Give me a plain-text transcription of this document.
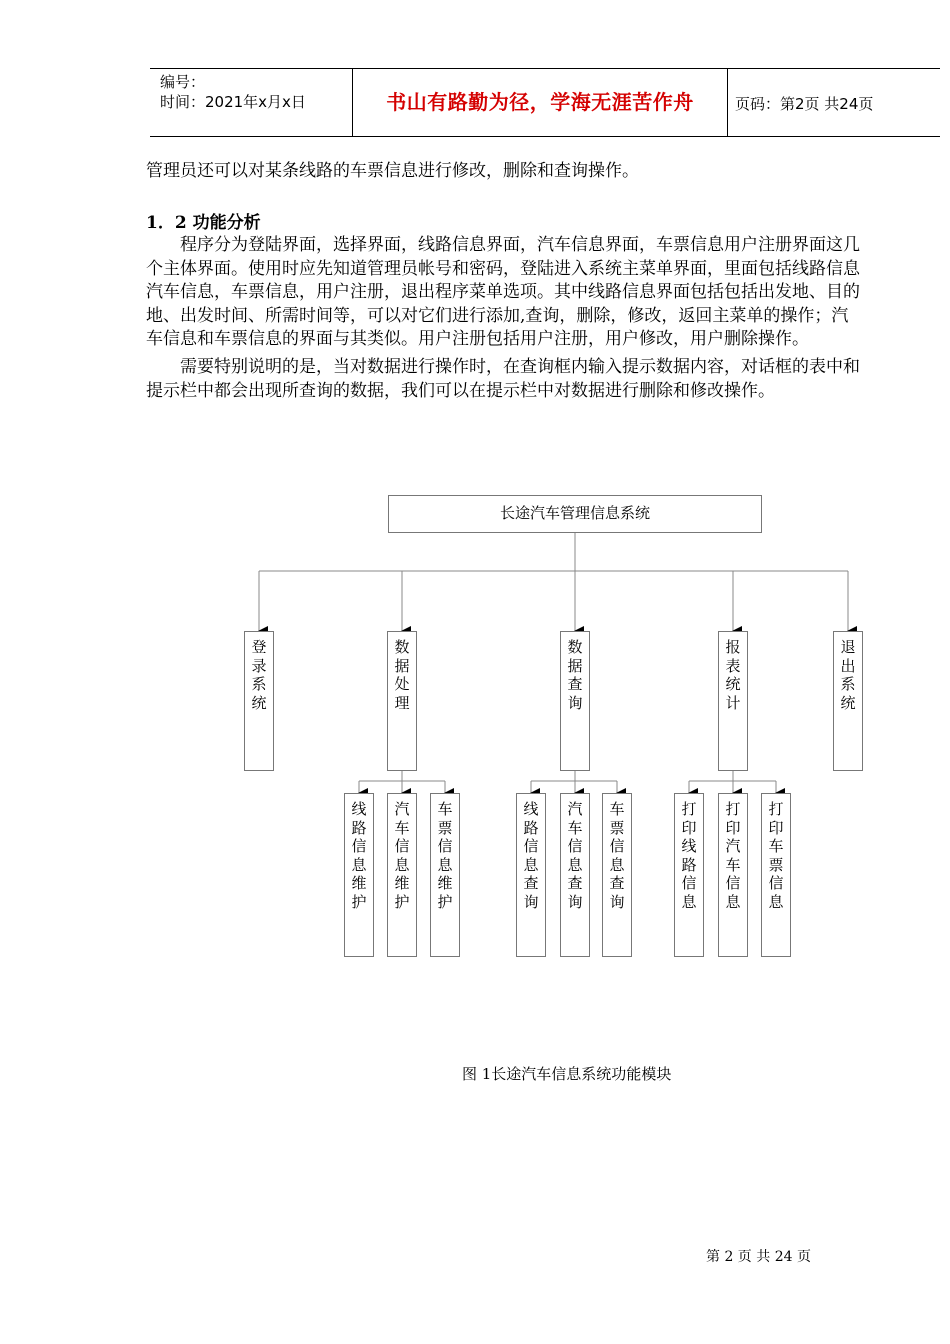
编号：
时间：2021年x月x日	书山有路勤为径，学海无涯苦作舟	页码：第2页 共24页
管理员还可以对某条线路的车票信息进行修改，删除和查询操作。
1．2 功能分析
　　程序分为登陆界面，选择界面，线路信息界面，汽车信息界面，车票信息用户注册界面这几
个主体界面。使用时应先知道管理员帐号和密码，登陆进入系统主菜单界面，里面包括线路信息
汽车信息，车票信息，用户注册，退出程序菜单选项。其中线路信息界面包括包括出发地、目的
地、出发时间、所需时间等，可以对它们进行添加,查询，删除，修改，返回主菜单的操作；汽
车信息和车票信息的界面与其类似。用户注册包括用户注册，用户修改，用户删除操作。
　　需要特别说明的是，当对数据进行操作时，在查询框内输入提示数据内容，对话框的表中和
提示栏中都会出现所查询的数据，我们可以在提示栏中对数据进行删除和修改操作。
长途汽车管理信息系统
登
录
系
统
数
据
处
理
数
据
查
询
报
表
统
计
退
出
系
统
线
路
信
息
维
护
汽
车
信
息
维
护
车
票
信
息
维
护
线
路
信
息
查
询
汽
车
信
息
查
询
车
票
信
息
查
询
打
印
线
路
信
息
打
印
汽
车
信
息
打
印
车
票
信
息
图 1长途汽车信息系统功能模块
第 2 页 共 24 页
